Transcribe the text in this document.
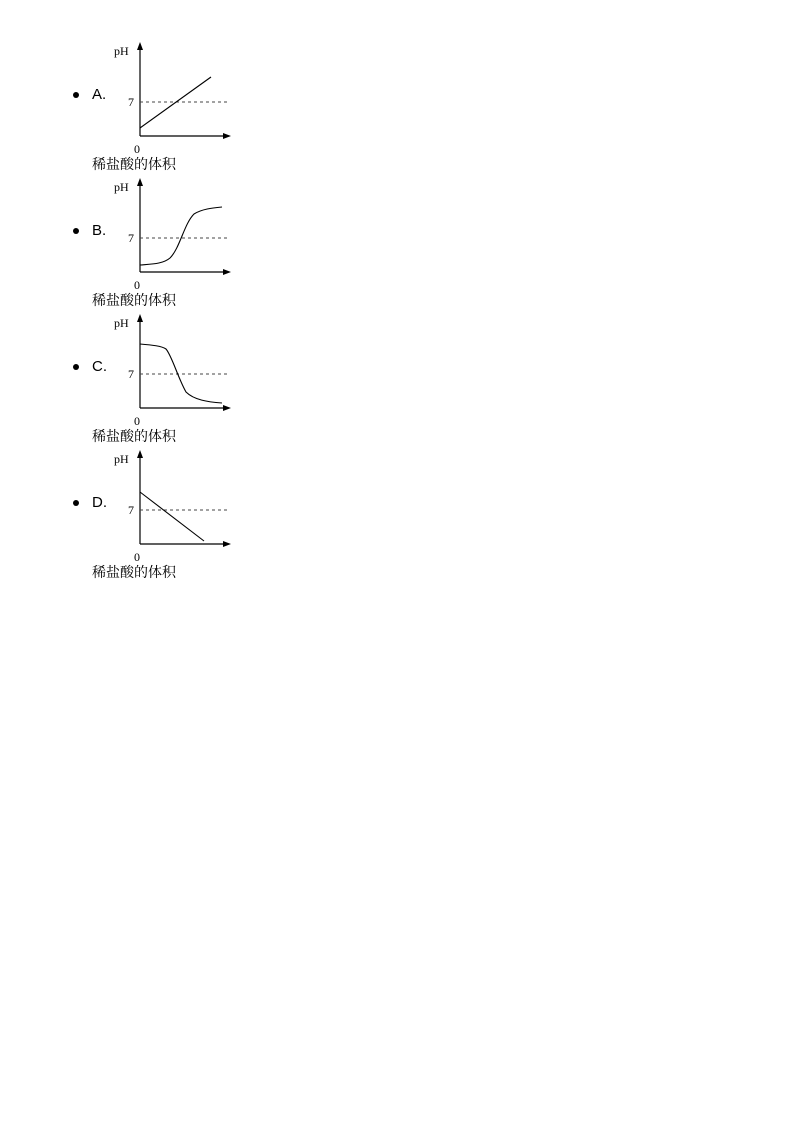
A.
pH
7
0
稀盐酸的体积
B.
pH
7
0
稀盐酸的体积
C.
pH
7
0
稀盐酸的体积
D.
pH
7
0
稀盐酸的体积
